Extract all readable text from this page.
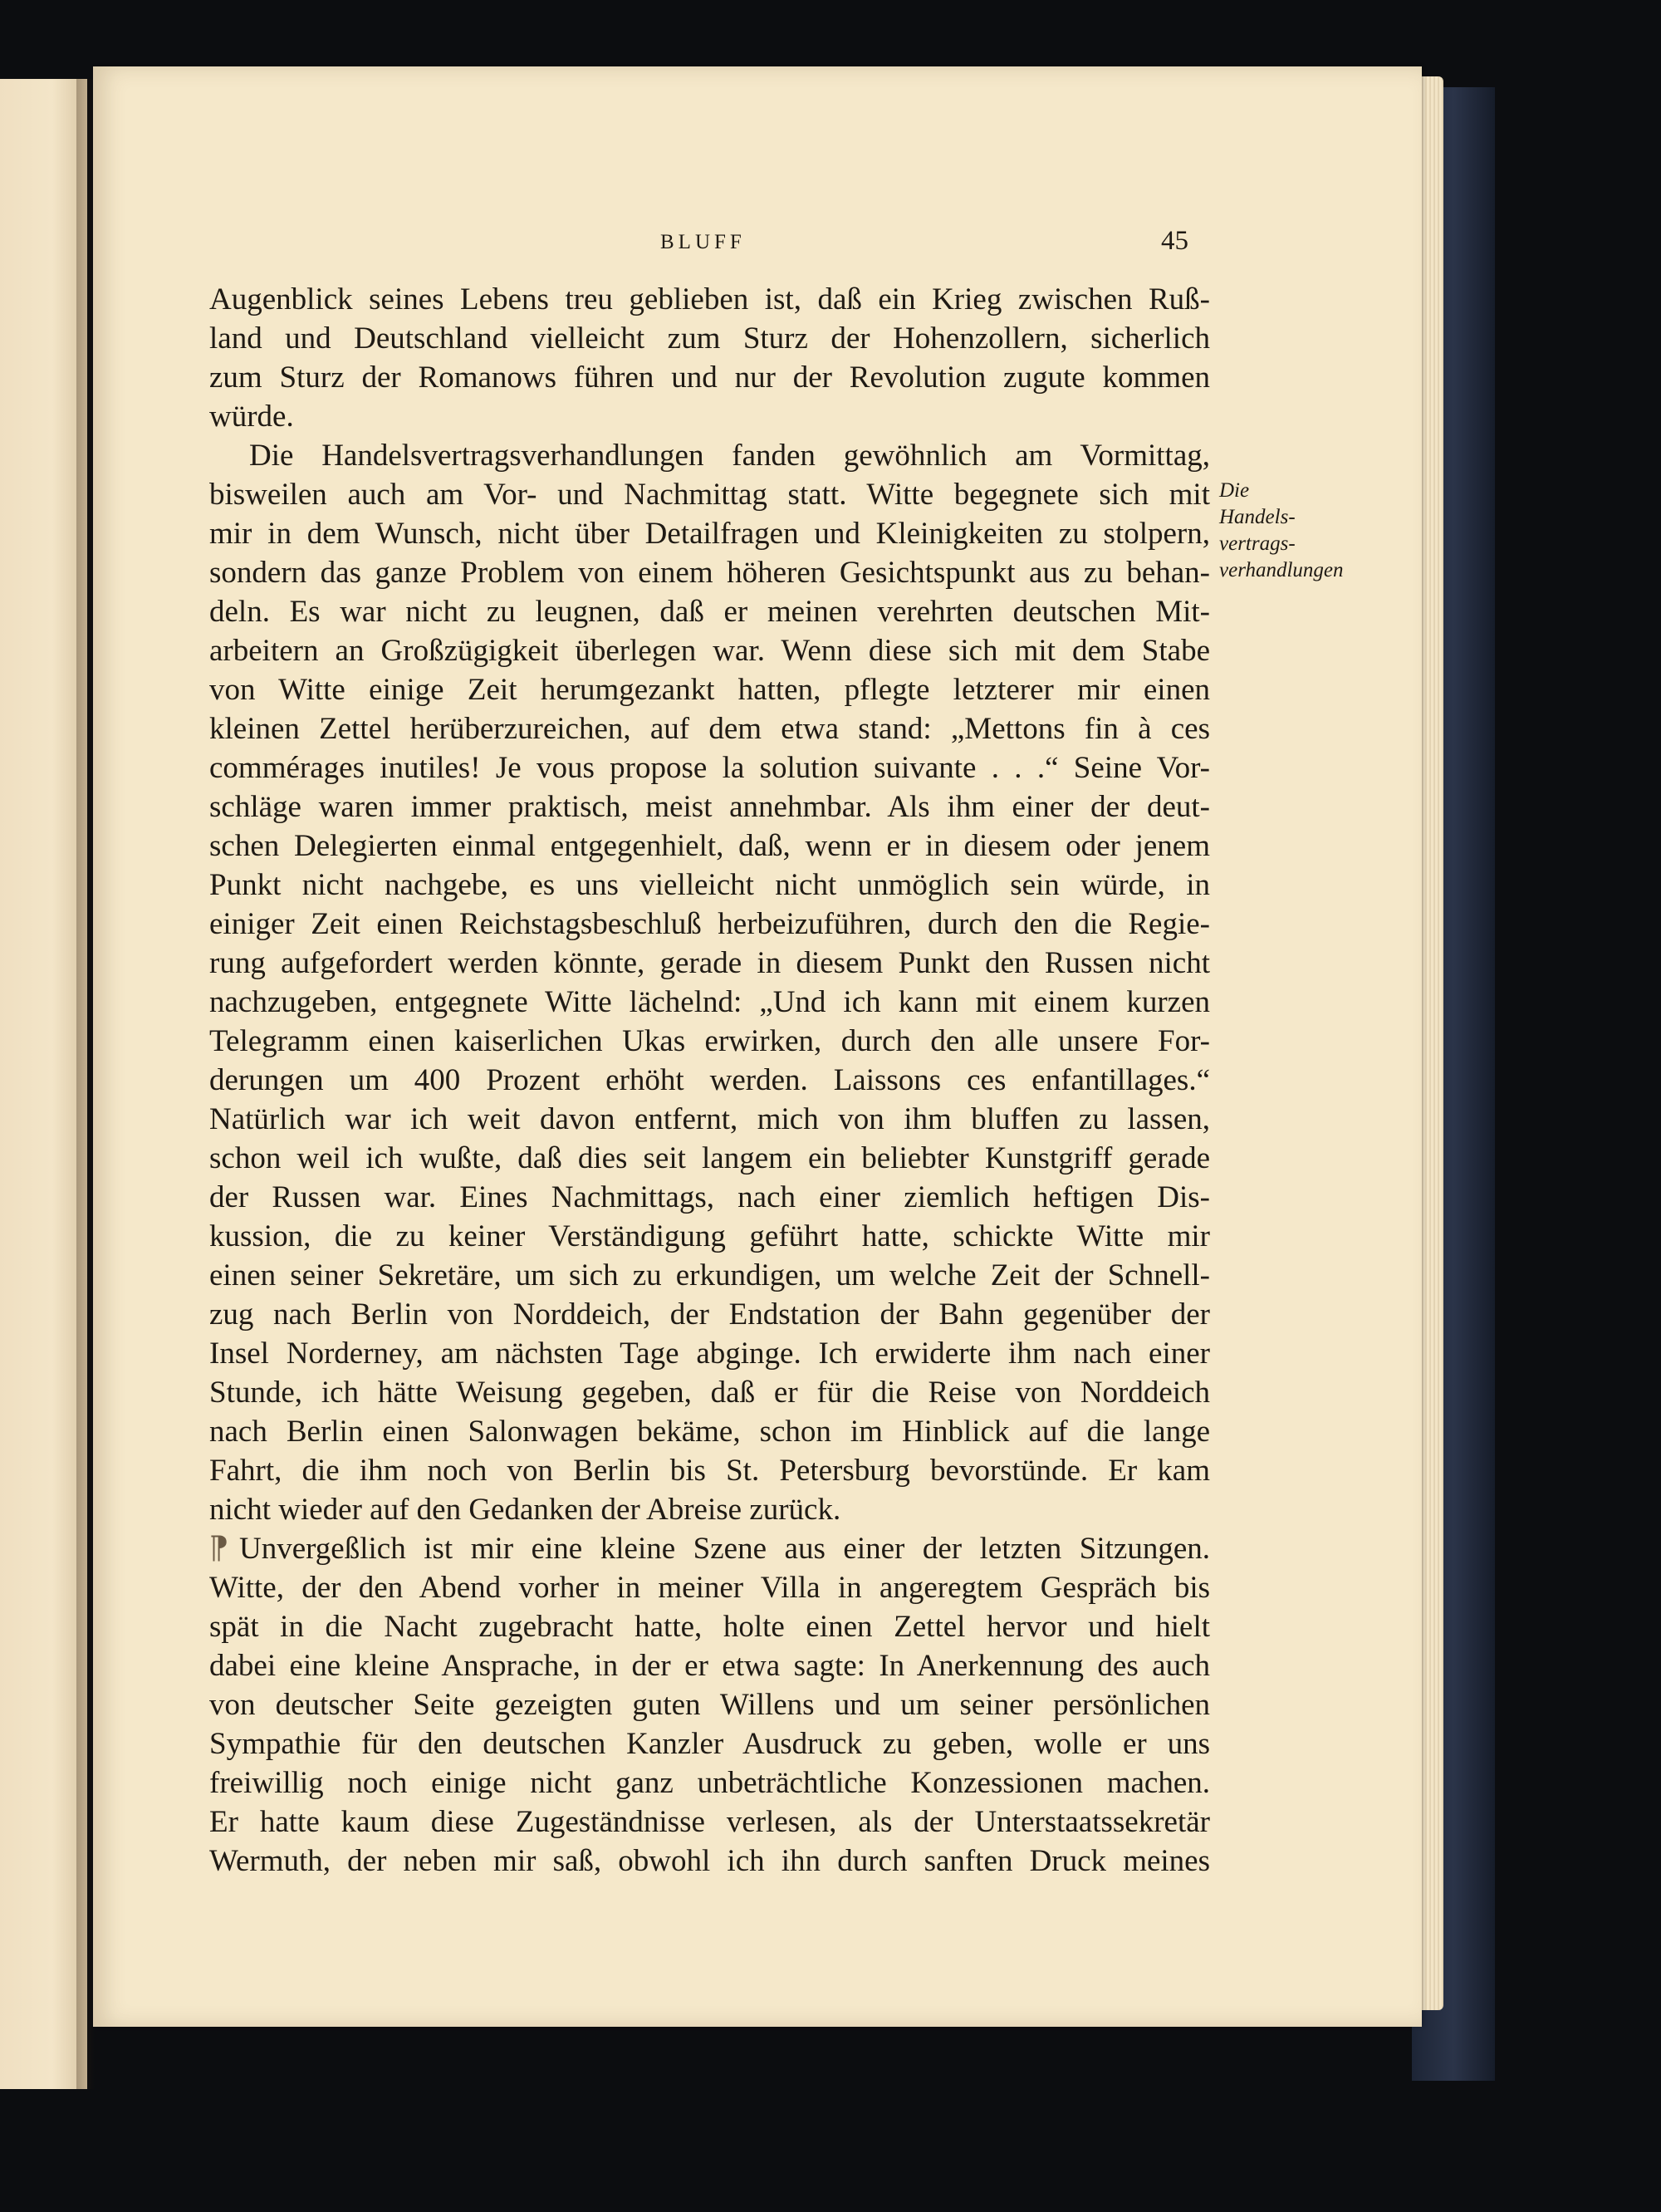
BLUFF	45
Die
Handels-
vertrags-
verhandlungen
Augenblick seines Lebens treu geblieben ist, daß ein Krieg zwischen Ruß-
land und Deutschland vielleicht zum Sturz der Hohenzollern, sicherlich
zum Sturz der Romanows führen und nur der Revolution zugute kommen
würde.
Die Handelsvertragsverhandlungen fanden gewöhnlich am Vormittag,
bisweilen auch am Vor- und Nachmittag statt. Witte begegnete sich mit
mir in dem Wunsch, nicht über Detailfragen und Kleinigkeiten zu stolpern,
sondern das ganze Problem von einem höheren Gesichtspunkt aus zu behan-
deln. Es war nicht zu leugnen, daß er meinen verehrten deutschen Mit-
arbeitern an Großzügigkeit überlegen war. Wenn diese sich mit dem Stabe
von Witte einige Zeit herumgezankt hatten, pflegte letzterer mir einen
kleinen Zettel herüberzureichen, auf dem etwa stand: „Mettons fin à ces
commérages inutiles! Je vous propose la solution suivante . . .“ Seine Vor-
schläge waren immer praktisch, meist annehmbar. Als ihm einer der deut-
schen Delegierten einmal entgegenhielt, daß, wenn er in diesem oder jenem
Punkt nicht nachgebe, es uns vielleicht nicht unmöglich sein würde, in
einiger Zeit einen Reichstagsbeschluß herbeizuführen, durch den die Regie-
rung aufgefordert werden könnte, gerade in diesem Punkt den Russen nicht
nachzugeben, entgegnete Witte lächelnd: „Und ich kann mit einem kurzen
Telegramm einen kaiserlichen Ukas erwirken, durch den alle unsere For-
derungen um 400 Prozent erhöht werden. Laissons ces enfantillages.“
Natürlich war ich weit davon entfernt, mich von ihm bluffen zu lassen,
schon weil ich wußte, daß dies seit langem ein beliebter Kunstgriff gerade
der Russen war. Eines Nachmittags, nach einer ziemlich heftigen Dis-
kussion, die zu keiner Verständigung geführt hatte, schickte Witte mir
einen seiner Sekretäre, um sich zu erkundigen, um welche Zeit der Schnell-
zug nach Berlin von Norddeich, der Endstation der Bahn gegenüber der
Insel Norderney, am nächsten Tage abginge. Ich erwiderte ihm nach einer
Stunde, ich hätte Weisung gegeben, daß er für die Reise von Norddeich
nach Berlin einen Salonwagen bekäme, schon im Hinblick auf die lange
Fahrt, die ihm noch von Berlin bis St. Petersburg bevorstünde. Er kam
nicht wieder auf den Gedanken der Abreise zurück.
⁋ Unvergeßlich ist mir eine kleine Szene aus einer der letzten Sitzungen.
Witte, der den Abend vorher in meiner Villa in angeregtem Gespräch bis
spät in die Nacht zugebracht hatte, holte einen Zettel hervor und hielt
dabei eine kleine Ansprache, in der er etwa sagte: In Anerkennung des auch
von deutscher Seite gezeigten guten Willens und um seiner persönlichen
Sympathie für den deutschen Kanzler Ausdruck zu geben, wolle er uns
freiwillig noch einige nicht ganz unbeträchtliche Konzessionen machen.
Er hatte kaum diese Zugeständnisse verlesen, als der Unterstaatssekretär
Wermuth, der neben mir saß, obwohl ich ihn durch sanften Druck meines
